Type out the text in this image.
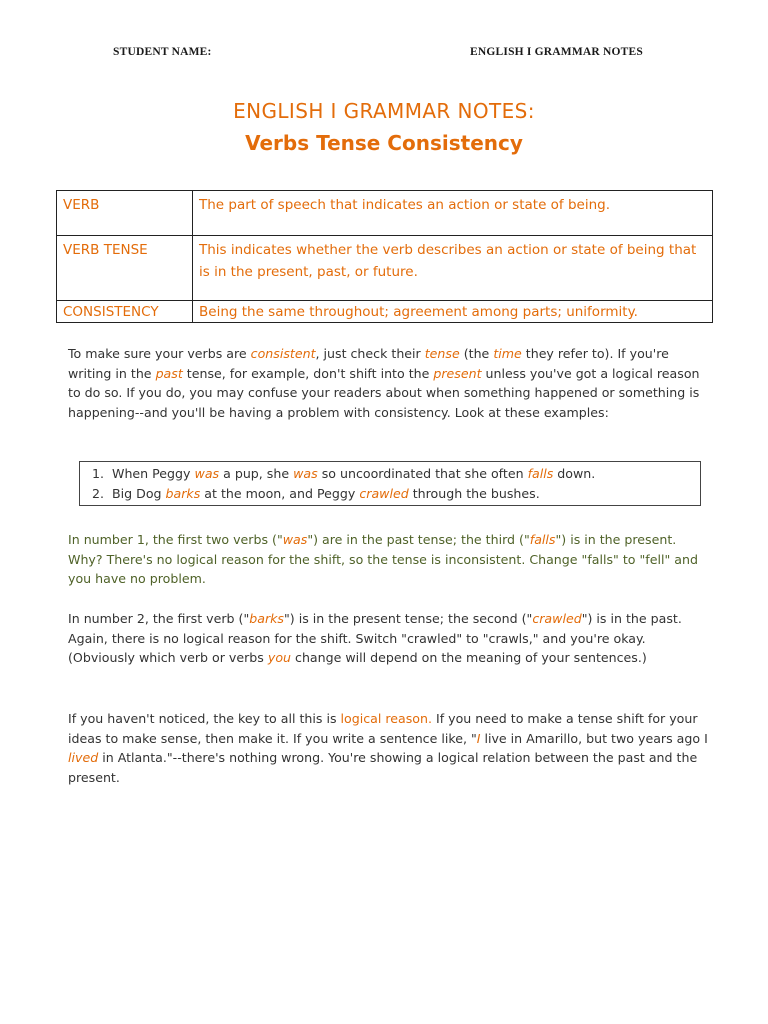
STUDENT NAME:	ENGLISH I GRAMMAR NOTES
ENGLISH I GRAMMAR NOTES:
Verbs Tense Consistency
VERB	The part of speech that indicates an action or state of being.
VERB TENSE	This indicates whether the verb describes an action or state of being that is in the present, past, or future.
CONSISTENCY	Being the same throughout; agreement among parts; uniformity.
To make sure your verbs are consistent, just check their tense (the time they refer to). If you're writing in the past tense, for example, don't shift into the present unless you've got a logical reason to do so. If you do, you may confuse your readers about when something happened or something is happening--and you'll be having a problem with consistency. Look at these examples:
1. When Peggy was a pup, she was so uncoordinated that she often falls down.
2. Big Dog barks at the moon, and Peggy crawled through the bushes.
In number 1, the first two verbs ("was") are in the past tense; the third ("falls") is in the present. Why? There's no logical reason for the shift, so the tense is inconsistent. Change "falls" to "fell" and you have no problem.
In number 2, the first verb ("barks") is in the present tense; the second ("crawled") is in the past. Again, there is no logical reason for the shift. Switch "crawled" to "crawls," and you're okay. (Obviously which verb or verbs you change will depend on the meaning of your sentences.)
If you haven't noticed, the key to all this is logical reason. If you need to make a tense shift for your ideas to make sense, then make it. If you write a sentence like, "I live in Amarillo, but two years ago I lived in Atlanta."--there's nothing wrong. You're showing a logical relation between the past and the present.
